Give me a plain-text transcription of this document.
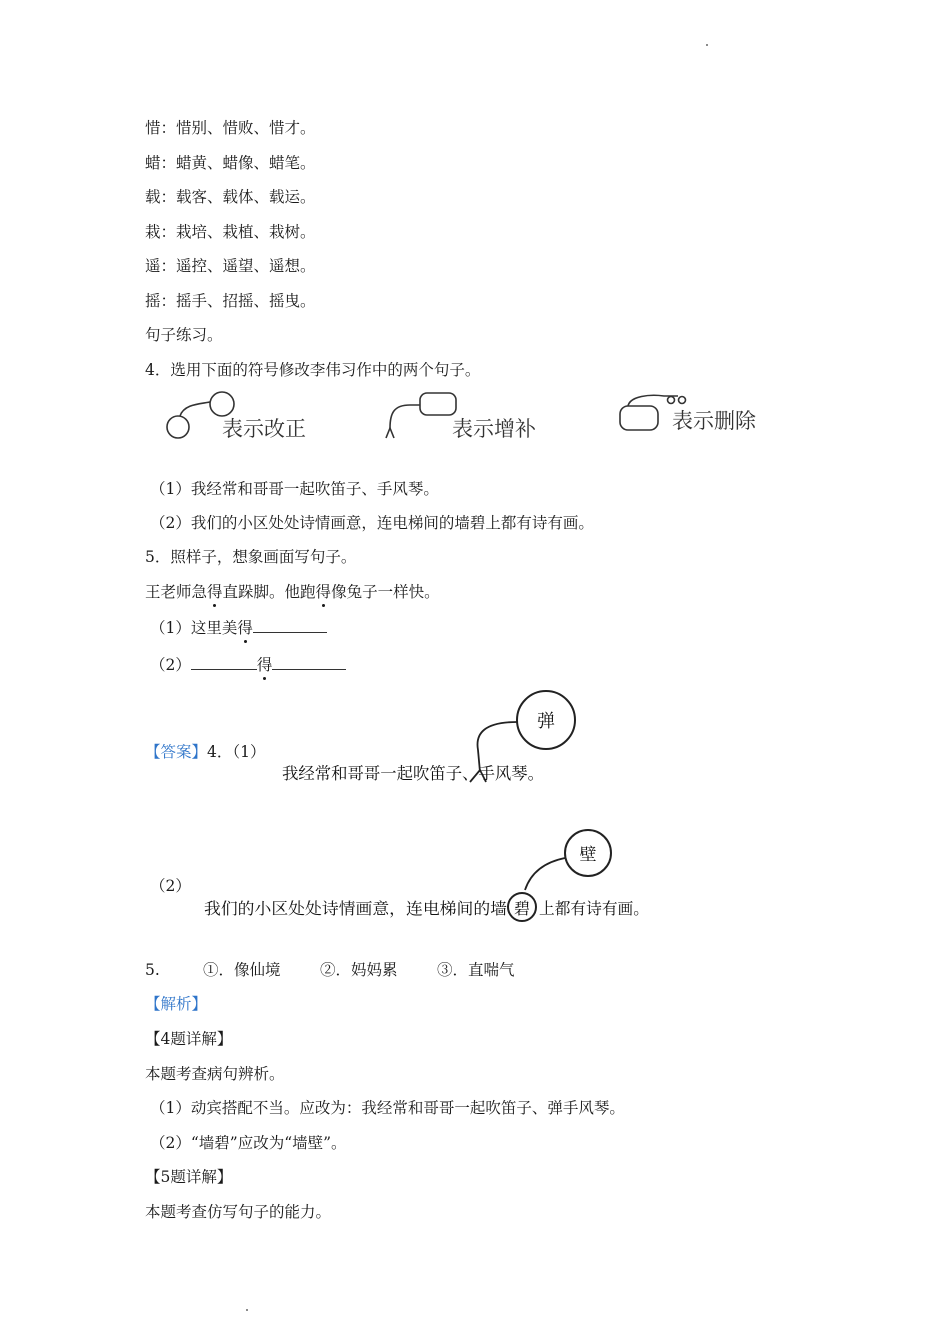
惜：惜别、惜败、惜才。

蜡：蜡黄、蜡像、蜡笔。

载：载客、载体、载运。

栽：栽培、栽植、栽树。

遥：遥控、遥望、遥想。

摇：摇手、招摇、摇曳。

句子练习。

4．选用下面的符号修改李伟习作中的两个句子。

表示改正	表示增补	表示删除

（1）我经常和哥哥一起吹笛子、手风琴。

（2）我们的小区处处诗情画意，连电梯间的墙碧上都有诗有画。

5．照样子，想象画面写句子。

王老师急得直跺脚。他跑得像兔子一样快。

（1）这里美得

（2）	得

【答案】4．（1）

弹
我经常和哥哥一起吹笛子、手风琴。

（2）

壁
我们的小区处处诗情画意，连电梯间的墙 碧 上都有诗有画。

5.	①．像仙境	②．妈妈累	③．直喘气

【解析】

【4题详解】

本题考查病句辨析。

（1）动宾搭配不当。应改为：我经常和哥哥一起吹笛子、弹手风琴。

（2）“墙碧”应改为“墙壁”。

【5题详解】

本题考查仿写句子的能力。
